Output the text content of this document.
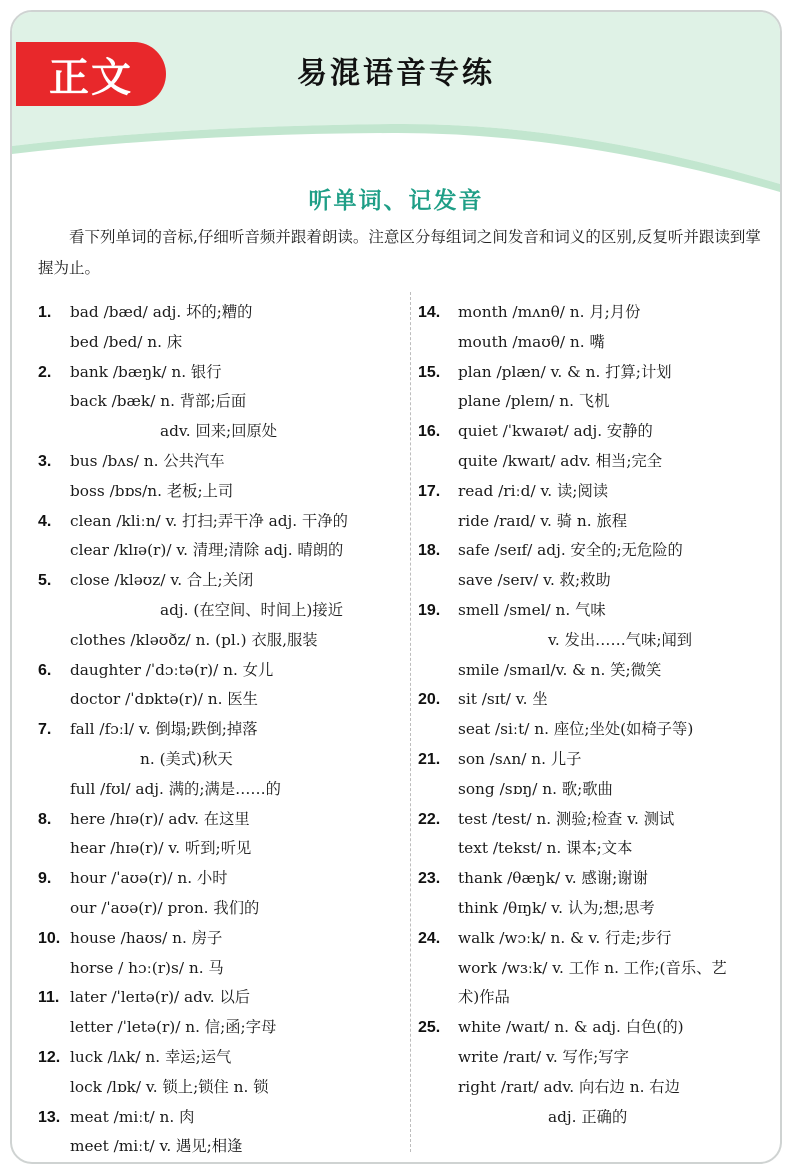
正文	易混语音专练
听单词、记发音
看下列单词的音标,仔细听音频并跟着朗读。注意区分每组词之间发音和词义的区别,反复听并跟读到掌握为止。
1. bad /bæd/ adj. 坏的;糟的
bed /bed/ n. 床
2. bank /bæŋk/ n. 银行
back /bæk/ n. 背部;后面
adv. 回来;回原处
3. bus /bʌs/ n. 公共汽车
boss /bɒs/n. 老板;上司
4. clean /kliːn/ v. 打扫;弄干净 adj. 干净的
clear /klɪə(r)/ v. 清理;清除 adj. 晴朗的
5. close /kləʊz/ v. 合上;关闭
adj. (在空间、时间上)接近
clothes /kləʊðz/ n. (pl.) 衣服,服装
6. daughter /ˈdɔːtə(r)/ n. 女儿
doctor /ˈdɒktə(r)/ n. 医生
7. fall /fɔːl/ v. 倒塌;跌倒;掉落
n. (美式)秋天
full /fʊl/ adj. 满的;满是……的
8. here /hɪə(r)/ adv. 在这里
hear /hɪə(r)/ v. 听到;听见
9. hour /ˈaʊə(r)/ n. 小时
our /ˈaʊə(r)/ pron. 我们的
10. house /haʊs/ n. 房子
horse / hɔː(r)s/ n. 马
11. later /ˈleɪtə(r)/ adv. 以后
letter /ˈletə(r)/ n. 信;函;字母
12. luck /lʌk/ n. 幸运;运气
lock /lɒk/ v. 锁上;锁住 n. 锁
13. meat /miːt/ n. 肉
meet /miːt/ v. 遇见;相逢
14. month /mʌnθ/ n. 月;月份
mouth /maʊθ/ n. 嘴
15. plan /plæn/ v. & n. 打算;计划
plane /pleɪn/ n. 飞机
16. quiet /ˈkwaɪət/ adj. 安静的
quite /kwaɪt/ adv. 相当;完全
17. read /riːd/ v. 读;阅读
ride /raɪd/ v. 骑 n. 旅程
18. safe /seɪf/ adj. 安全的;无危险的
save /seɪv/ v. 救;救助
19. smell /smel/ n. 气味
v. 发出……气味;闻到
smile /smaɪl/v. & n. 笑;微笑
20. sit /sɪt/ v. 坐
seat /siːt/ n. 座位;坐处(如椅子等)
21. son /sʌn/ n. 儿子
song /sɒŋ/ n. 歌;歌曲
22. test /test/ n. 测验;检查 v. 测试
text /tekst/ n. 课本;文本
23. thank /θæŋk/ v. 感谢;谢谢
think /θɪŋk/ v. 认为;想;思考
24. walk /wɔːk/ n. & v. 行走;步行
work /wɜːk/ v. 工作 n. 工作;(音乐、艺
术)作品
25. white /waɪt/ n. & adj. 白色(的)
write /raɪt/ v. 写作;写字
right /raɪt/ adv. 向右边 n. 右边
adj. 正确的
